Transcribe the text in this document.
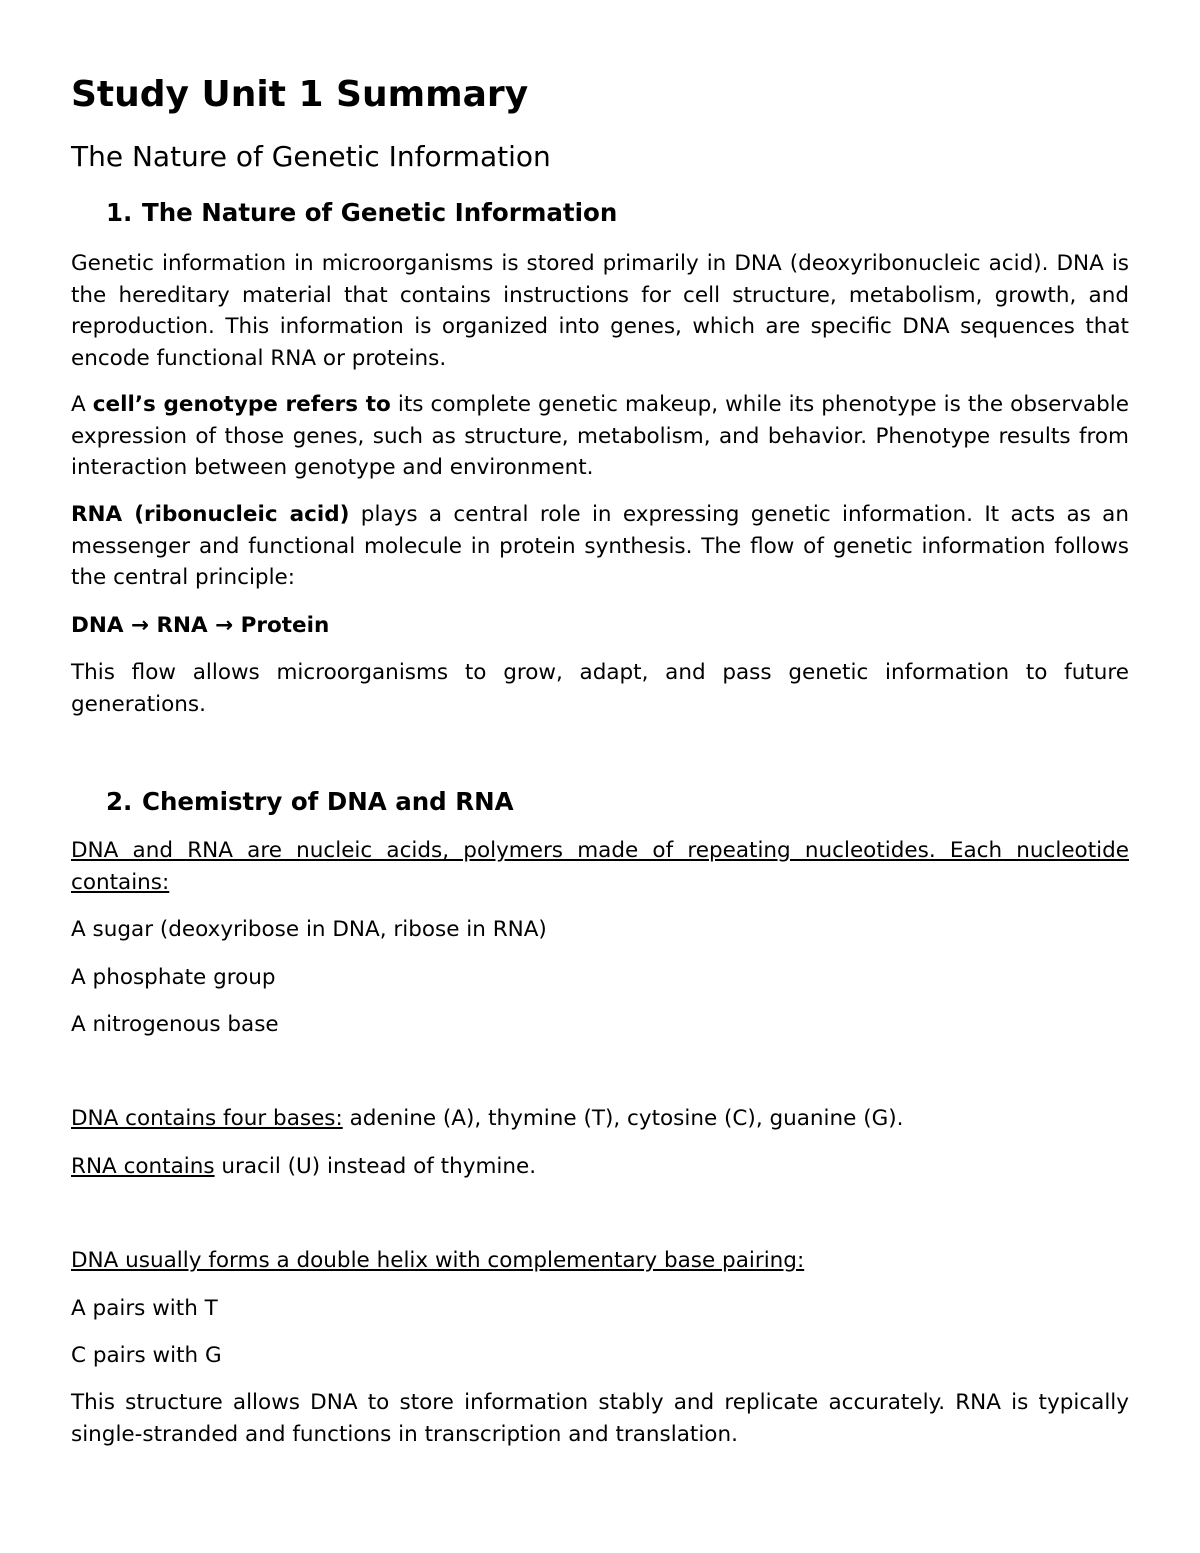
Study Unit 1 Summary
The Nature of Genetic Information
1. The Nature of Genetic Information

Genetic information in microorganisms is stored primarily in DNA (deoxyribonucleic acid). DNA is the hereditary material that contains instructions for cell structure, metabolism, growth, and reproduction. This information is organized into genes, which are specific DNA sequences that encode functional RNA or proteins.

A cell’s genotype refers to its complete genetic makeup, while its phenotype is the observable expression of those genes, such as structure, metabolism, and behavior. Phenotype results from interaction between genotype and environment.

RNA (ribonucleic acid) plays a central role in expressing genetic information. It acts as an messenger and functional molecule in protein synthesis. The flow of genetic information follows the central principle:

DNA → RNA → Protein

This flow allows microorganisms to grow, adapt, and pass genetic information to future generations.

2. Chemistry of DNA and RNA

DNA and RNA are nucleic acids, polymers made of repeating nucleotides. Each nucleotide contains:

A sugar (deoxyribose in DNA, ribose in RNA)

A phosphate group

A nitrogenous base

DNA contains four bases: adenine (A), thymine (T), cytosine (C), guanine (G).

RNA contains uracil (U) instead of thymine.

DNA usually forms a double helix with complementary base pairing:

A pairs with T

C pairs with G

This structure allows DNA to store information stably and replicate accurately. RNA is typically single-stranded and functions in transcription and translation.
